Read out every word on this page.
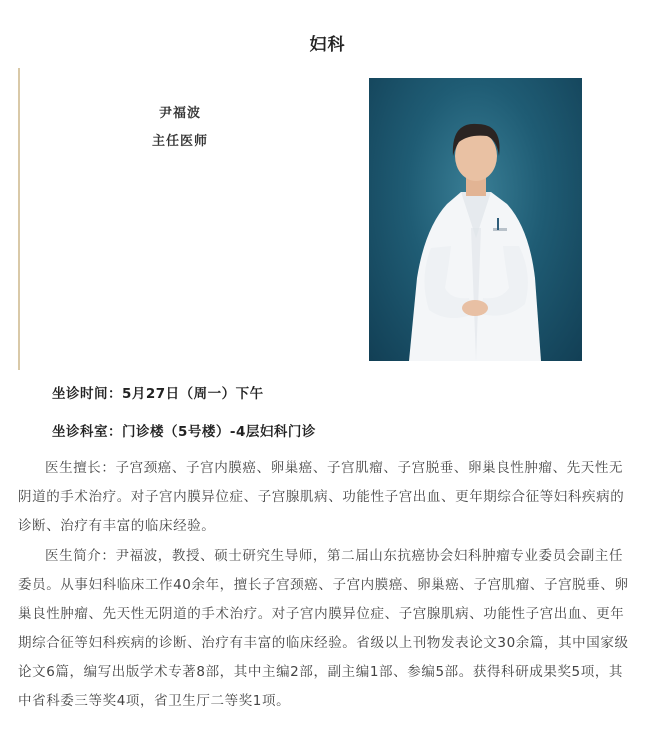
妇科
尹福波
主任医师
坐诊时间：5月27日（周一）下午
坐诊科室：门诊楼（5号楼）-4层妇科门诊
医生擅长：子宫颈癌、子宫内膜癌、卵巢癌、子宫肌瘤、子宫脱垂、卵巢良性肿瘤、先天性无阴道的手术治疗。对子宫内膜异位症、子宫腺肌病、功能性子宫出血、更年期综合征等妇科疾病的诊断、治疗有丰富的临床经验。
医生简介：尹福波，教授、硕士研究生导师，第二届山东抗癌协会妇科肿瘤专业委员会副主任委员。从事妇科临床工作40余年，擅长子宫颈癌、子宫内膜癌、卵巢癌、子宫肌瘤、子宫脱垂、卵巢良性肿瘤、先天性无阴道的手术治疗。对子宫内膜异位症、子宫腺肌病、功能性子宫出血、更年期综合征等妇科疾病的诊断、治疗有丰富的临床经验。省级以上刊物发表论文30余篇，其中国家级论文6篇，编写出版学术专著8部，其中主编2部，副主编1部、参编5部。获得科研成果奖5项，其中省科委三等奖4项，省卫生厅二等奖1项。
